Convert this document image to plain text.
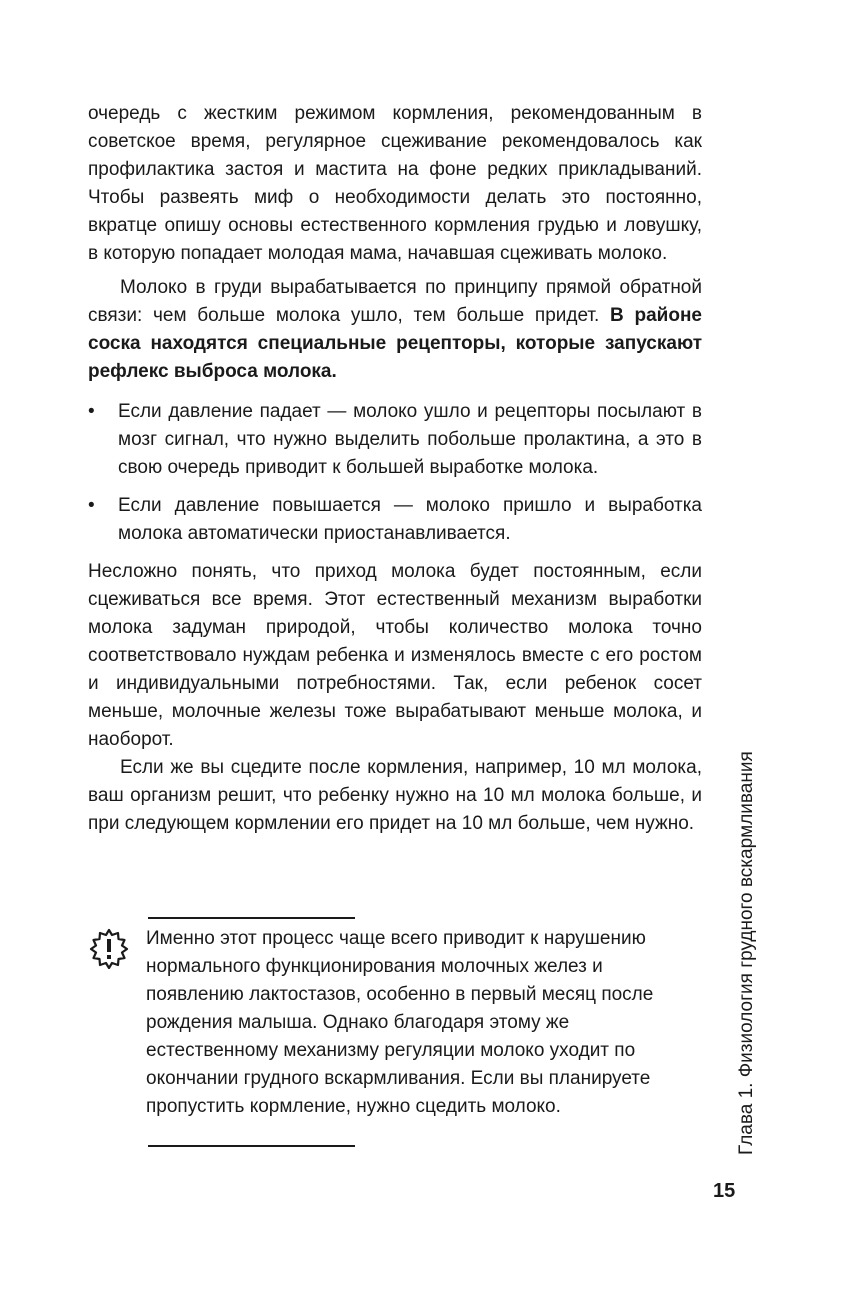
очередь с жестким режимом кормления, рекомендованным в советское время, регулярное сцеживание рекомендовалось как профилактика застоя и мастита на фоне редких прикладываний. Чтобы развеять миф о необходимости делать это постоянно, вкратце опишу основы естественного кормления грудью и ловушку, в которую попадает молодая мама, начавшая сцеживать молоко.

Молоко в груди вырабатывается по принципу прямой обратной связи: чем больше молока ушло, тем больше придет. В районе соска находятся специальные рецепторы, которые запускают рефлекс выброса молока.

• Если давление падает — молоко ушло и рецепторы посылают в мозг сигнал, что нужно выделить побольше пролактина, а это в свою очередь приводит к большей выработке молока.
• Если давление повышается — молоко пришло и выработка молока автоматически приостанавливается.

Несложно понять, что приход молока будет постоянным, если сцеживаться все время. Этот естественный механизм выработки молока задуман природой, чтобы количество молока точно соответствовало нуждам ребенка и изменялось вместе с его ростом и индивидуальными потребностями. Так, если ребенок сосет меньше, молочные железы тоже вырабатывают меньше молока, и наоборот.

Если же вы сцедите после кормления, например, 10 мл молока, ваш организм решит, что ребенку нужно на 10 мл молока больше, и при следующем кормлении его придет на 10 мл больше, чем нужно.

Именно этот процесс чаще всего приводит к нарушению нормального функционирования молочных желез и появлению лактостазов, особенно в первый месяц после рождения малыша. Однако благодаря этому же естественному механизму регуляции молоко уходит по окончании грудного вскармливания. Если вы планируете пропустить кормление, нужно сцедить молоко.	Глава 1. Физиология грудного вскармливания
15
